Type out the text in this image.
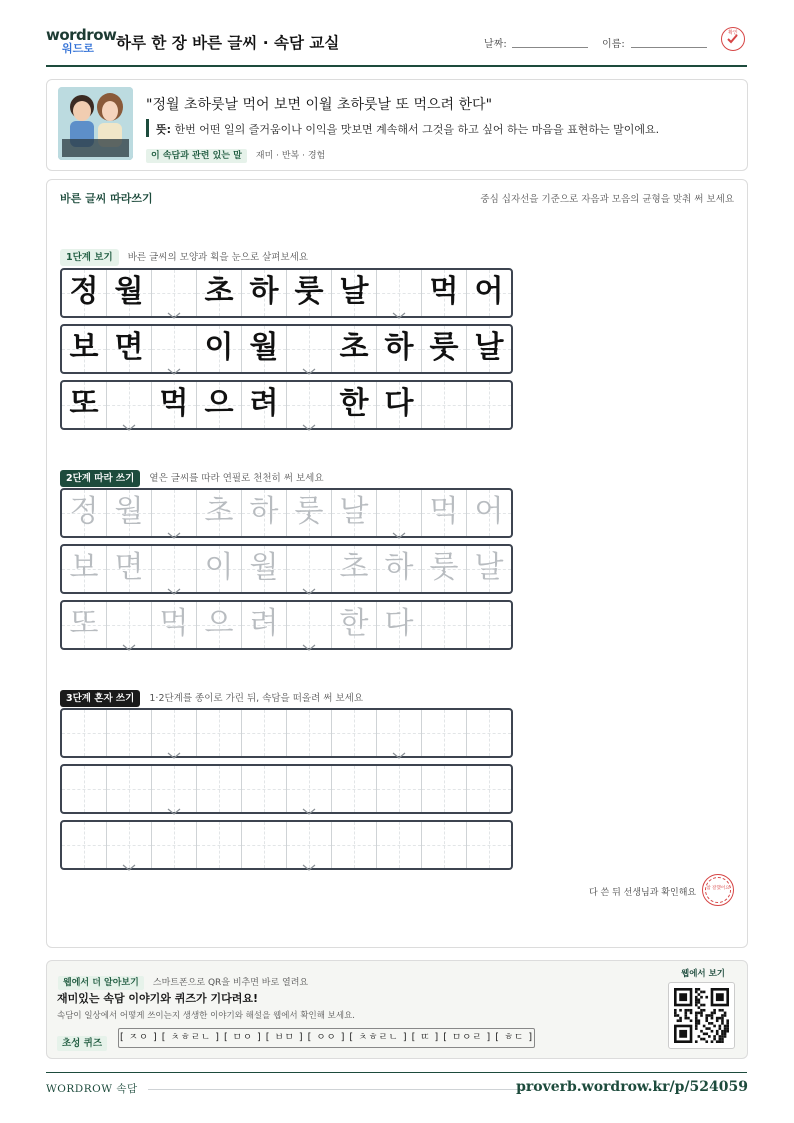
wordrow
워드로 하루 한 장 바른 글씨 · 속담 교실	날짜:	이름:
확인
"정월 초하룻날 먹어 보면 이월 초하룻날 또 먹으려 한다"
뜻: 한번 어떤 일의 즐거움이나 이익을 맛보면 계속해서 그것을 하고 싶어 하는 마음을 표현하는 말이에요.
이 속담과 관련 있는 말 재미 · 반복 · 경험
바른 글씨 따라쓰기	중심 십자선을 기준으로 자음과 모음의 균형을 맞춰 써 보세요
1단계 보기 바른 글씨의 모양과 획을 눈으로 살펴보세요
정 월 초 하 룻 날 먹 어
보 면 이 월 초 하 룻 날
또 먹 으 려 한 다
2단계 따라 쓰기 옅은 글씨를 따라 연필로 천천히 써 보세요
정 월 초 하 룻 날 먹 어
보 면 이 월 초 하 룻 날
또 먹 으 려 한 다
3단계 혼자 쓰기 1·2단계를 종이로 가린 뒤, 속담을 떠올려 써 보세요
다 쓴 뒤 선생님과 확인해요	참 잘했어요
웹에서 더 알아보기 스마트폰으로 QR을 비추면 바로 열려요
재미있는 속담 이야기와 퀴즈가 기다려요!
속담이 일상에서 어떻게 쓰이는지 생생한 이야기와 해설을 웹에서 확인해 보세요.
초성 퀴즈
[ ㅈㅇ ] [ ㅊㅎㄹㄴ ] [ ㅁㅇ ] [ ㅂㅁ ] [ ㅇㅇ ] [ ㅊㅎㄹㄴ ] [ ㄸ ] [ ㅁㅇㄹ ] [ ㅎㄷ ]
웹에서 보기
WORDROW 속담	proverb.wordrow.kr/p/524059
